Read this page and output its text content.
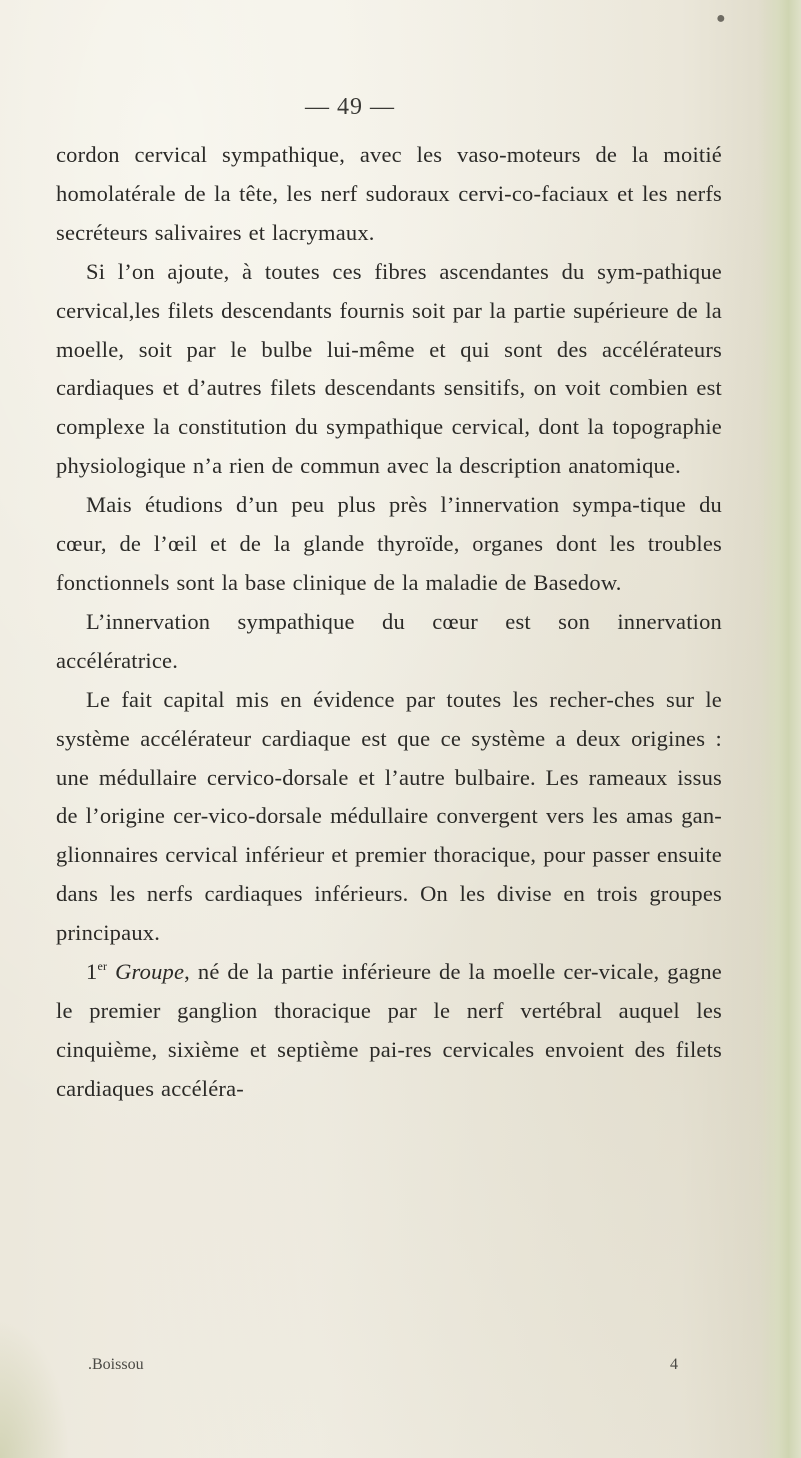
●
— 49 —

cordon cervical sympathique, avec les vaso-moteurs de la moitié homolatérale de la tête, les nerf sudoraux cervi-co-faciaux et les nerfs secréteurs salivaires et lacrymaux.

Si l’on ajoute, à toutes ces fibres ascendantes du sym-pathique cervical,les filets descendants fournis soit par la partie supérieure de la moelle, soit par le bulbe lui-même et qui sont des accélérateurs cardiaques et d’autres filets descendants sensitifs, on voit combien est complexe la constitution du sympathique cervical, dont la topographie physiologique n’a rien de commun avec la description anatomique.

Mais étudions d’un peu plus près l’innervation sympa-tique du cœur, de l’œil et de la glande thyroïde, organes dont les troubles fonctionnels sont la base clinique de la maladie de Basedow.

L’innervation sympathique du cœur est son innervation accélératrice.

Le fait capital mis en évidence par toutes les recher-ches sur le système accélérateur cardiaque est que ce système a deux origines : une médullaire cervico-dorsale et l’autre bulbaire. Les rameaux issus de l’origine cer-vico-dorsale médullaire convergent vers les amas gan-glionnaires cervical inférieur et premier thoracique, pour passer ensuite dans les nerfs cardiaques inférieurs. On les divise en trois groupes principaux.

1er Groupe, né de la partie inférieure de la moelle cer-vicale, gagne le premier ganglion thoracique par le nerf vertébral auquel les cinquième, sixième et septième pai-res cervicales envoient des filets cardiaques accéléra-

.Boissou	4
